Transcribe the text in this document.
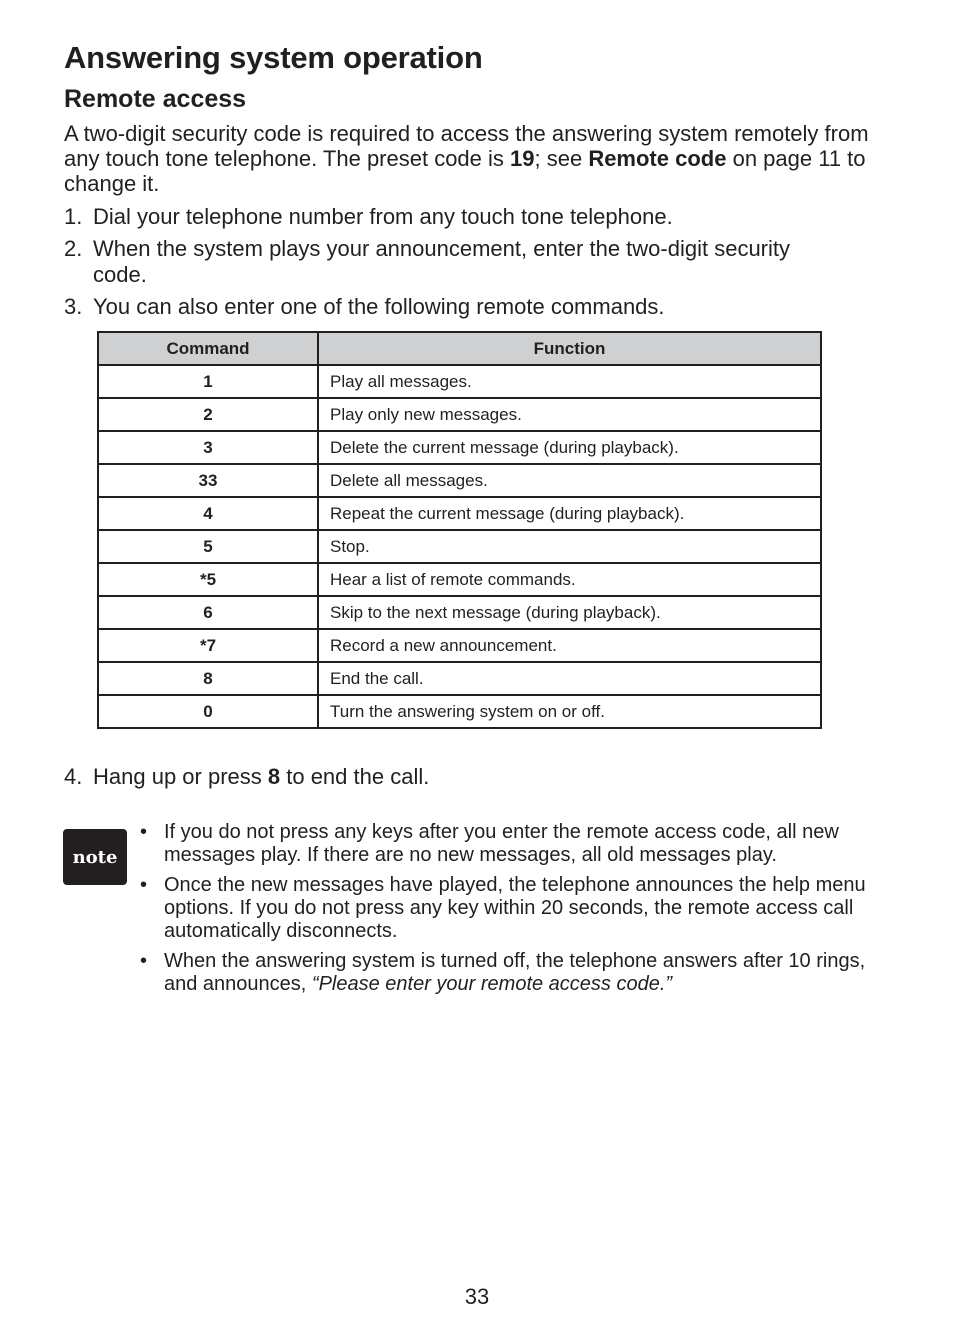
Answering system operation
Remote access

A two-digit security code is required to access the answering system remotely from any touch tone telephone. The preset code is 19; see Remote code on page 11 to change it.

1. Dial your telephone number from any touch tone telephone.
2. When the system plays your announcement, enter the two-digit security code.
3. You can also enter one of the following remote commands.
Command	Function
1	Play all messages.
2	Play only new messages.
3	Delete the current message (during playback).
33	Delete all messages.
4	Repeat the current message (during playback).
5	Stop.
*5	Hear a list of remote commands.
6	Skip to the next message (during playback).
*7	Record a new announcement.
8	End the call.
0	Turn the answering system on or off.
4. Hang up or press 8 to end the call.
note
• If you do not press any keys after you enter the remote access code, all new messages play. If there are no new messages, all old messages play.
• Once the new messages have played, the telephone announces the help menu options. If you do not press any key within 20 seconds, the remote access call automatically disconnects.
• When the answering system is turned off, the telephone answers after 10 rings, and announces, “Please enter your remote access code.”
33
